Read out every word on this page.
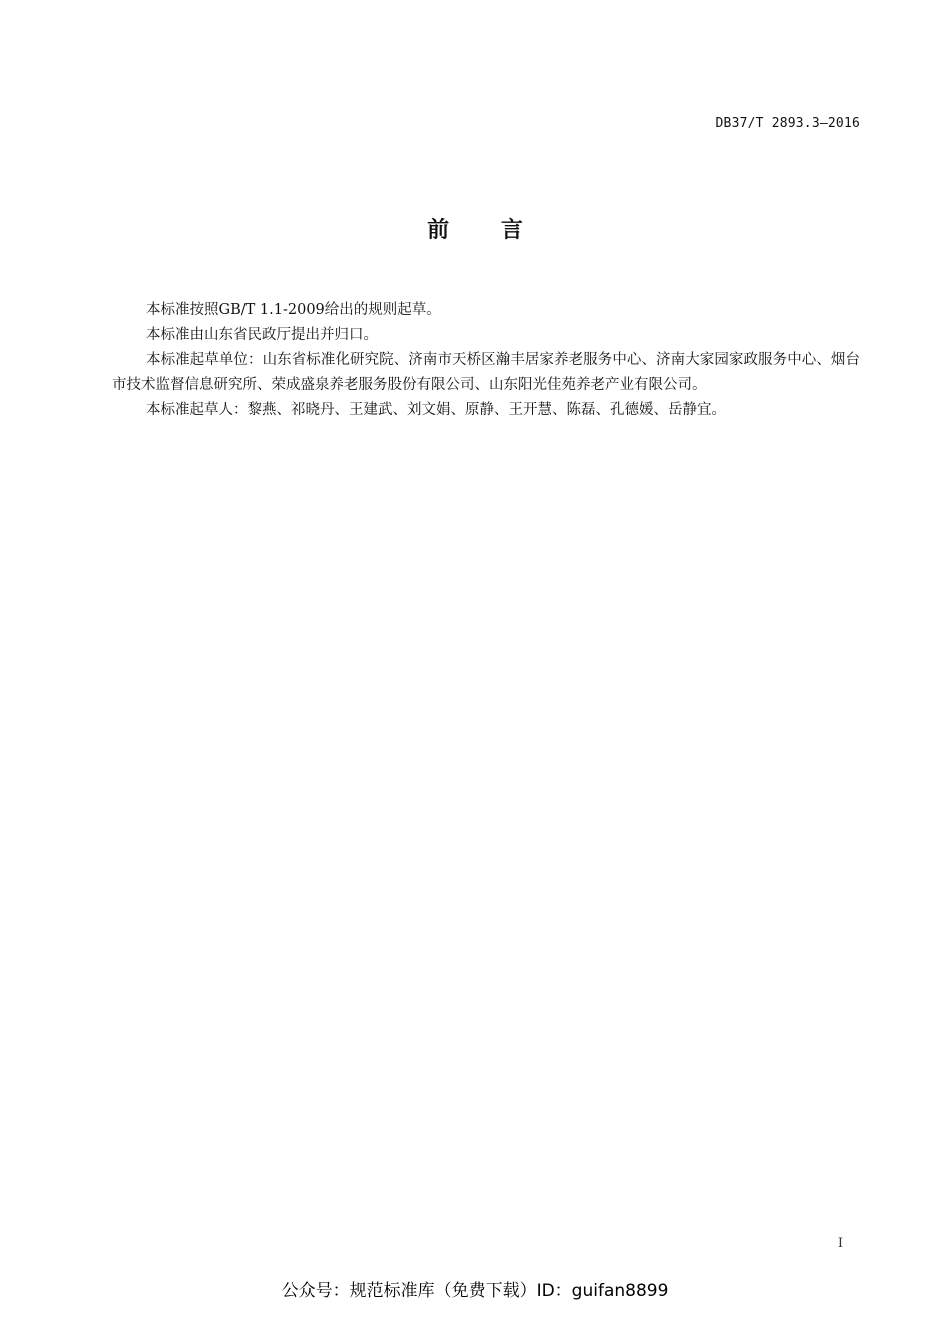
DB37/T 2893.3—2016
前 言

本标准按照GB/T 1.1-2009给出的规则起草。

本标准由山东省民政厅提出并归口。

本标准起草单位：山东省标准化研究院、济南市天桥区瀚丰居家养老服务中心、济南大家园家政服务中心、烟台市技术监督信息研究所、荣成盛泉养老服务股份有限公司、山东阳光佳苑养老产业有限公司。

本标准起草人：黎燕、祁晓丹、王建武、刘文娟、原静、王开慧、陈磊、孔德媛、岳静宜。

I
公众号：规范标准库（免费下载）ID：guifan8899
